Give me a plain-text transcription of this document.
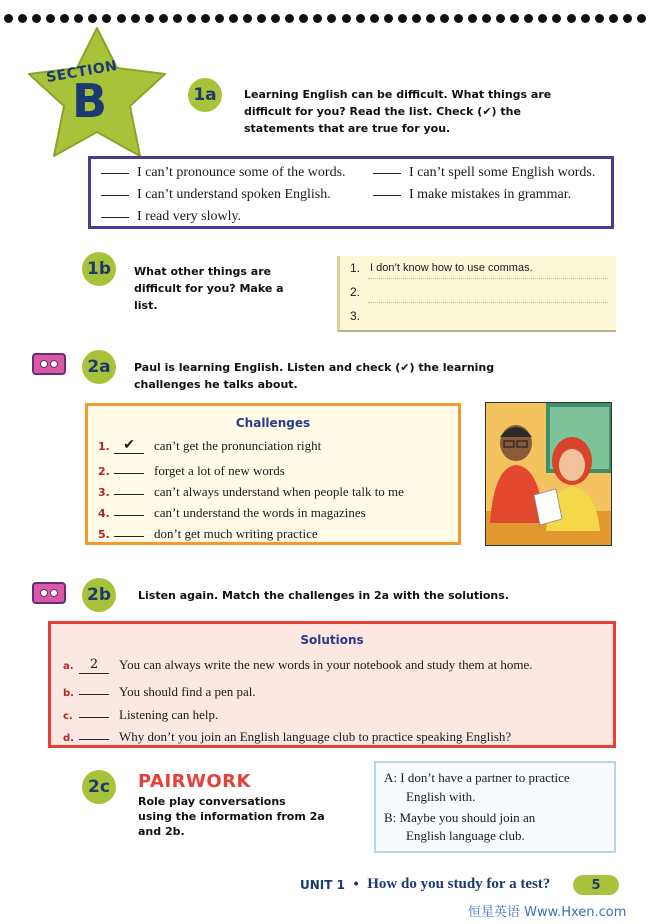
SECTION
B	1a	Learning English can be difficult. What things are
difficult for you? Read the list. Check (✔) the
statements that are true for you.
I can’t pronounce some of the words.	I can’t spell some English words.
I can’t understand spoken English.	I make mistakes in grammar.
I read very slowly.
1b	What other things are
difficult for you? Make a
list.
1. I don’t know how to use commas.
2.
3.
2a	Paul is learning English. Listen and check (✔) the learning
challenges he talks about.
Challenges
1. ✔ can’t get the pronunciation right
2.	forget a lot of new words
3.	can’t always understand when people talk to me
4.	can’t understand the words in magazines
5.	don’t get much writing practice
2b	Listen again. Match the challenges in 2a with the solutions.
Solutions
a. 2 You can always write the new words in your notebook and study them at home.
b.	You should find a pen pal.
c.	Listening can help.
d.	Why don’t you join an English language club to practice speaking English?
2c	PAIRWORK
Role play conversations
using the information from 2a
and 2b.
A: I don’t have a partner to practice
English with.
B: Maybe you should join an
English language club.
UNIT 1 • How do you study for a test?	5
恒星英语 Www.Hxen.com
